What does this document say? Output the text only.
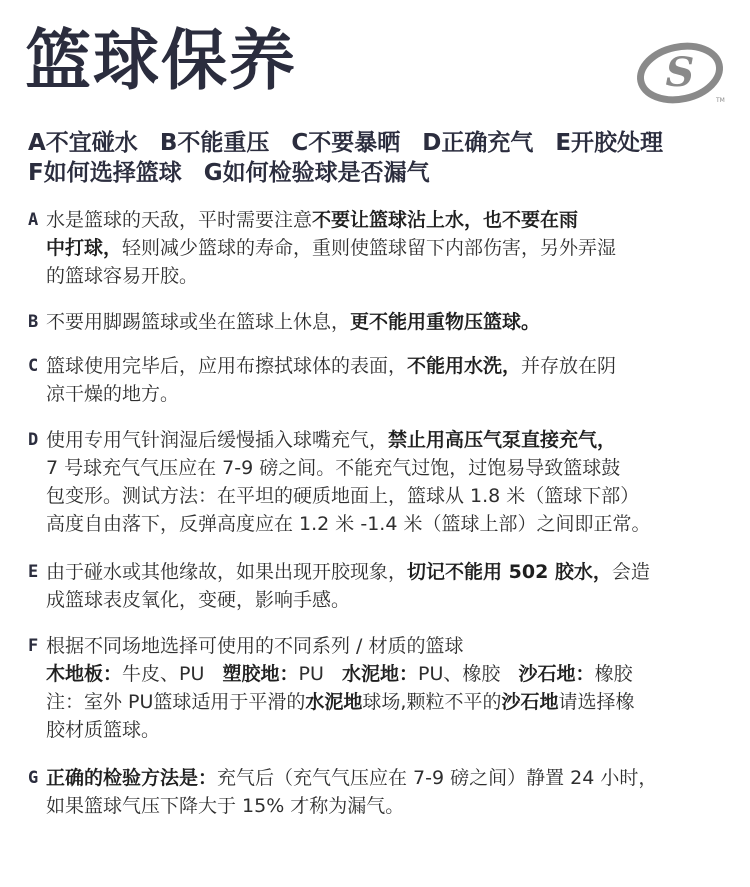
篮球保养	S
TM
A不宜碰水 B不能重压 C不要暴晒 D正确充气 E开胶处理
F如何选择篮球 G如何检验球是否漏气
A 水是篮球的天敌，平时需要注意不要让篮球沾上水，也不要在雨
中打球，轻则减少篮球的寿命，重则使篮球留下内部伤害，另外弄湿
的篮球容易开胶。
B 不要用脚踢篮球或坐在篮球上休息，更不能用重物压篮球。
C 篮球使用完毕后，应用布擦拭球体的表面，不能用水洗，并存放在阴
凉干燥的地方。
D 使用专用气针润湿后缓慢插入球嘴充气，禁止用高压气泵直接充气，
7 号球充气气压应在 7-9 磅之间。不能充气过饱，过饱易导致篮球鼓
包变形。测试方法：在平坦的硬质地面上，篮球从 1.8 米（篮球下部）
高度自由落下，反弹高度应在 1.2 米 -1.4 米（篮球上部）之间即正常。
E 由于碰水或其他缘故，如果出现开胶现象，切记不能用 502 胶水，会造
成篮球表皮氧化，变硬，影响手感。
F 根据不同场地选择可使用的不同系列 / 材质的篮球
木地板：牛皮、PU 塑胶地：PU 水泥地：PU、橡胶 沙石地：橡胶
注：室外 PU篮球适用于平滑的水泥地球场,颗粒不平的沙石地请选择橡
胶材质篮球。
G 正确的检验方法是：充气后（充气气压应在 7-9 磅之间）静置 24 小时，
如果篮球气压下降大于 15% 才称为漏气。
